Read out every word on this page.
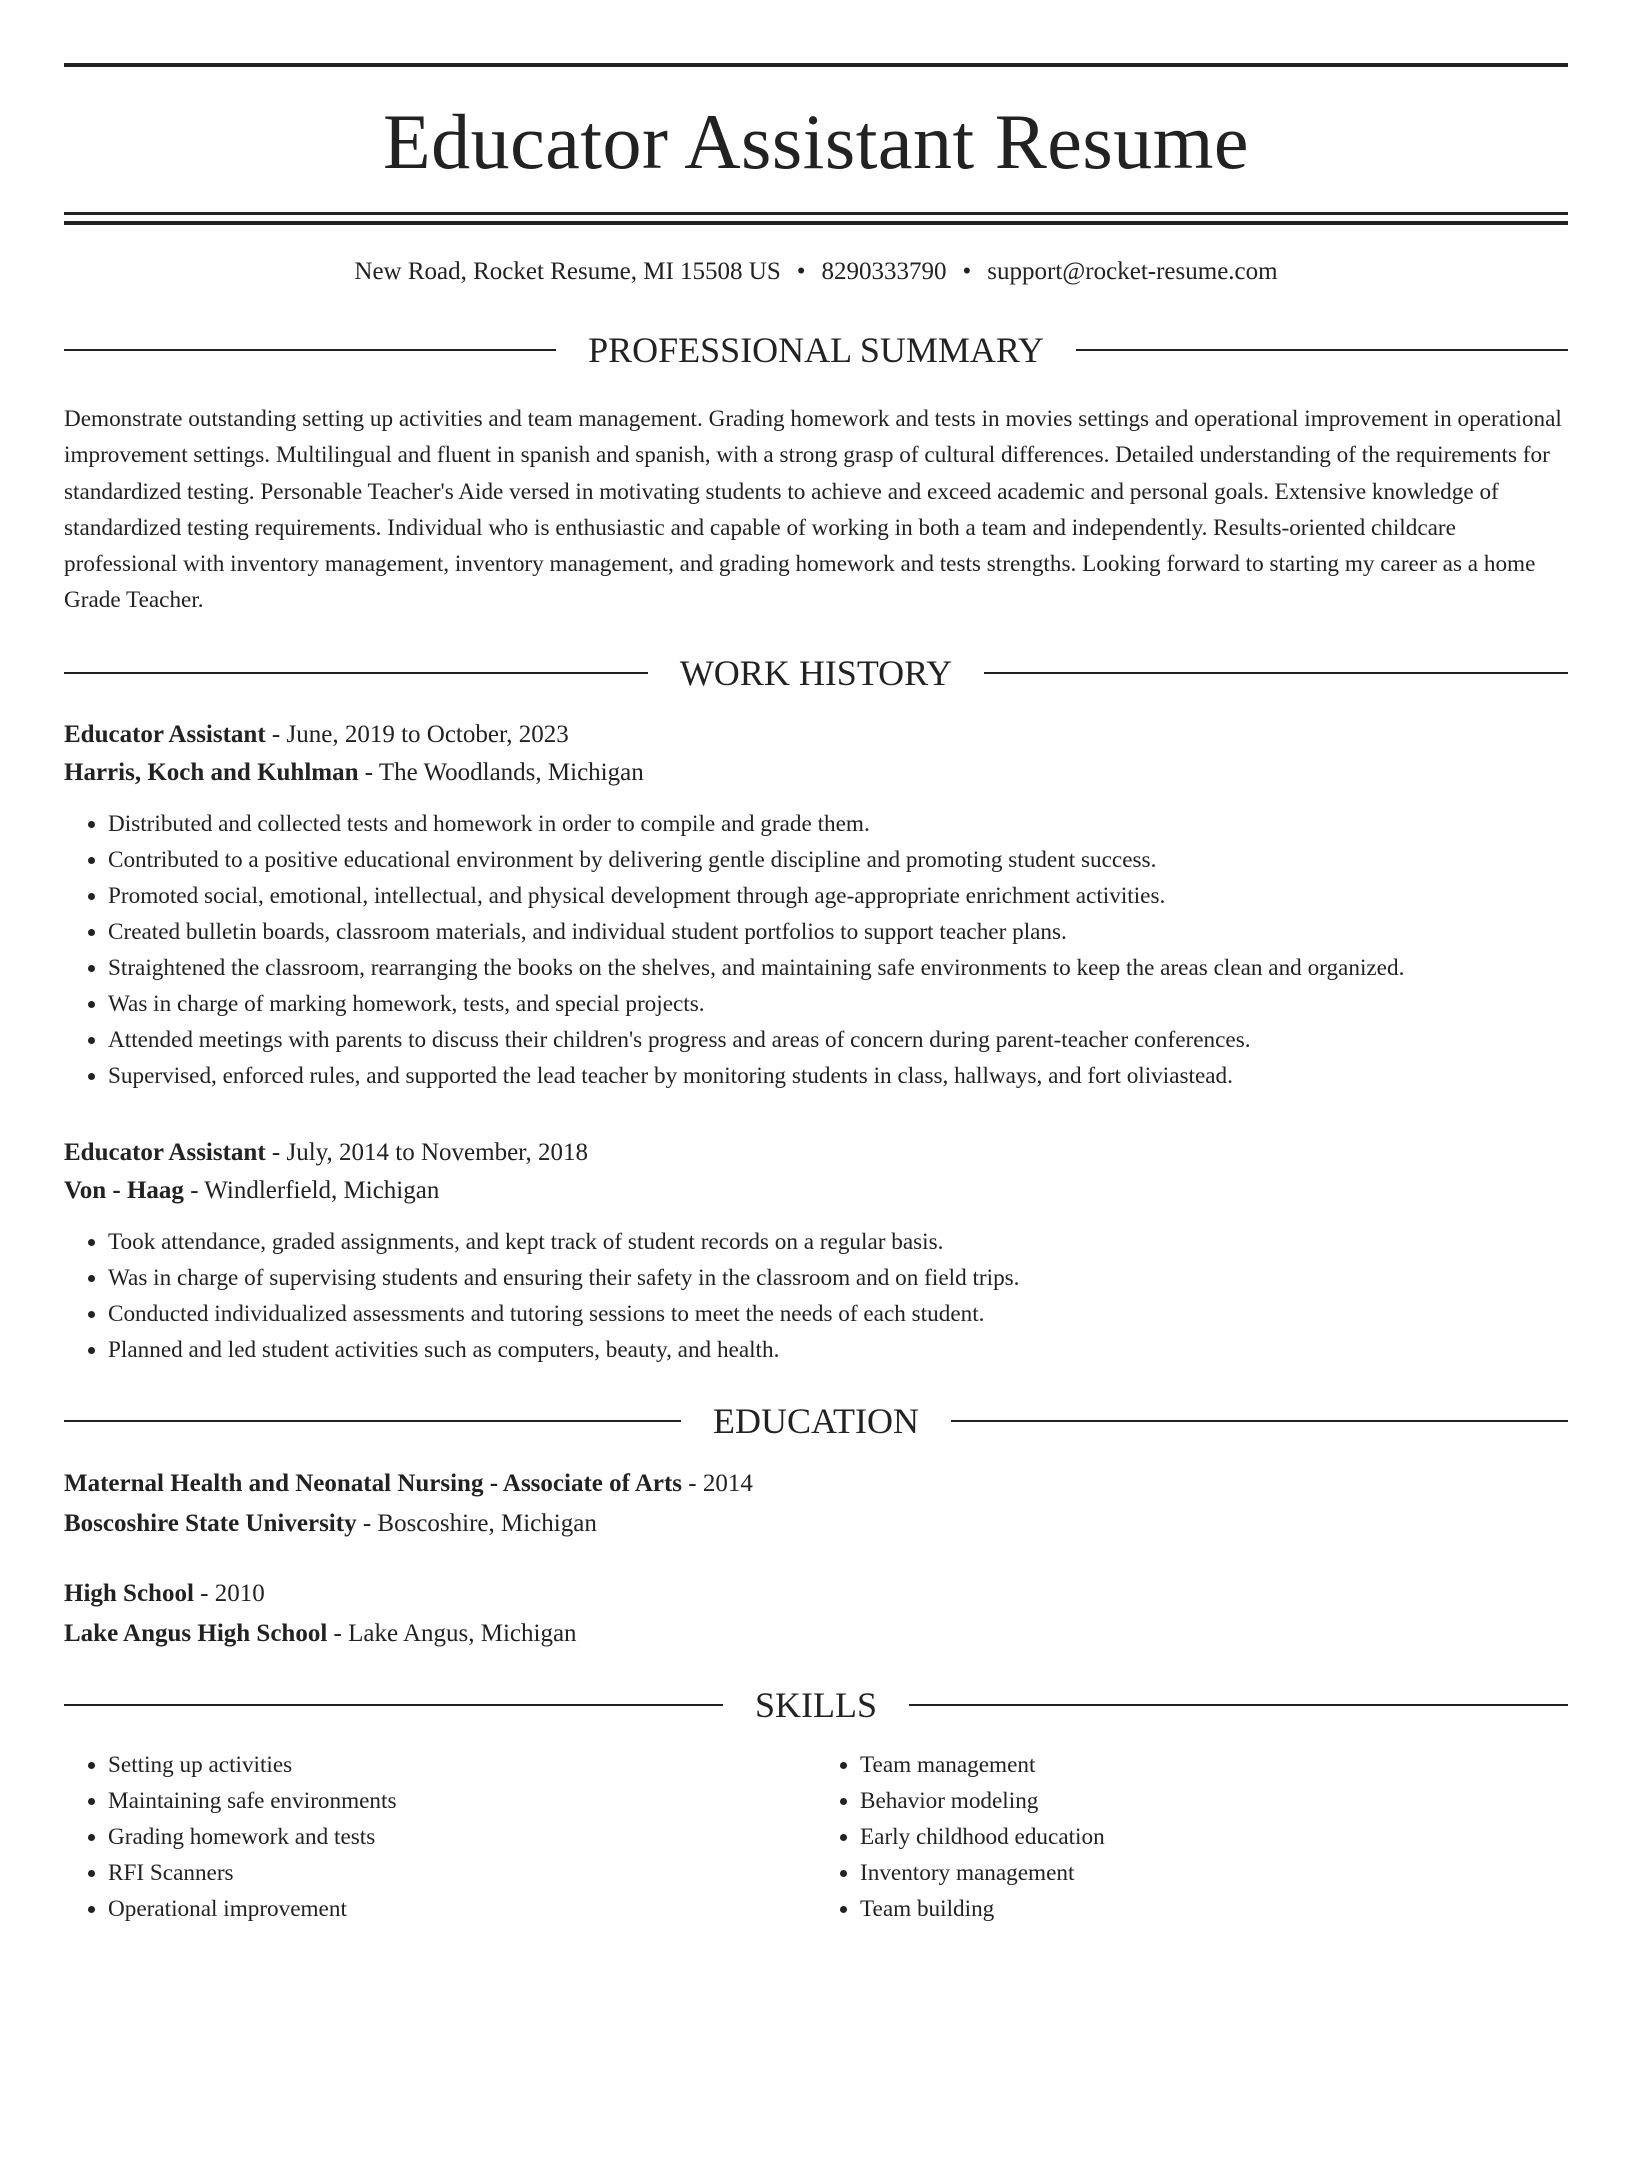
Educator Assistant Resume
New Road, Rocket Resume, MI 15508 US • 8290333790 • support@rocket-resume.com
PROFESSIONAL SUMMARY
Demonstrate outstanding setting up activities and team management. Grading homework and tests in movies settings and operational improvement in operational improvement settings. Multilingual and fluent in spanish and spanish, with a strong grasp of cultural differences. Detailed understanding of the requirements for standardized testing. Personable Teacher's Aide versed in motivating students to achieve and exceed academic and personal goals. Extensive knowledge of standardized testing requirements. Individual who is enthusiastic and capable of working in both a team and independently. Results-oriented childcare professional with inventory management, inventory management, and grading homework and tests strengths. Looking forward to starting my career as a home Grade Teacher.
WORK HISTORY
Educator Assistant - June, 2019 to October, 2023
Harris, Koch and Kuhlman - The Woodlands, Michigan
• Distributed and collected tests and homework in order to compile and grade them.
• Contributed to a positive educational environment by delivering gentle discipline and promoting student success.
• Promoted social, emotional, intellectual, and physical development through age-appropriate enrichment activities.
• Created bulletin boards, classroom materials, and individual student portfolios to support teacher plans.
• Straightened the classroom, rearranging the books on the shelves, and maintaining safe environments to keep the areas clean and organized.
• Was in charge of marking homework, tests, and special projects.
• Attended meetings with parents to discuss their children's progress and areas of concern during parent-teacher conferences.
• Supervised, enforced rules, and supported the lead teacher by monitoring students in class, hallways, and fort oliviastead.
Educator Assistant - July, 2014 to November, 2018
Von - Haag - Windlerfield, Michigan
• Took attendance, graded assignments, and kept track of student records on a regular basis.
• Was in charge of supervising students and ensuring their safety in the classroom and on field trips.
• Conducted individualized assessments and tutoring sessions to meet the needs of each student.
• Planned and led student activities such as computers, beauty, and health.
EDUCATION
Maternal Health and Neonatal Nursing - Associate of Arts - 2014
Boscoshire State University - Boscoshire, Michigan
High School - 2010
Lake Angus High School - Lake Angus, Michigan
SKILLS
• Setting up activities
• Maintaining safe environments
• Grading homework and tests
• RFI Scanners
• Operational improvement
• Team management
• Behavior modeling
• Early childhood education
• Inventory management
• Team building
